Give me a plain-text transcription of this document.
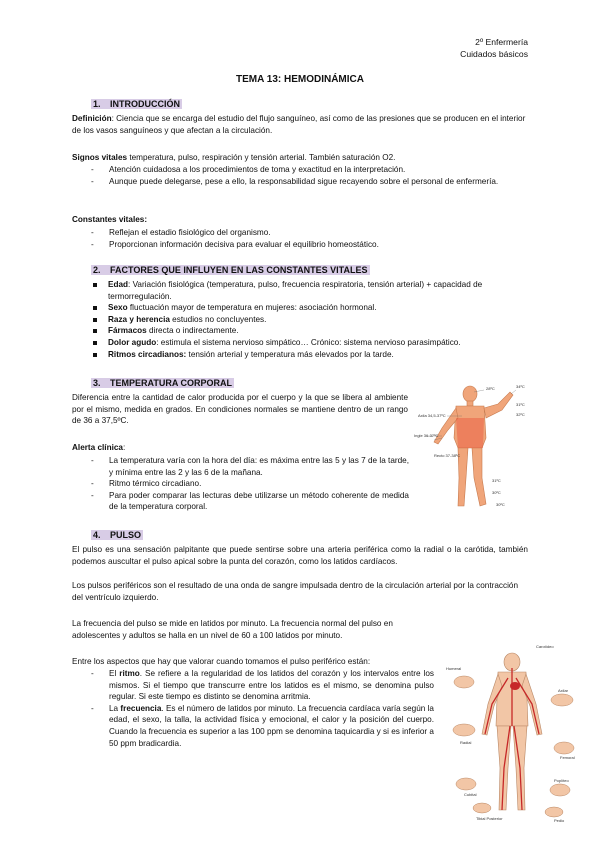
2º Enfermería
Cuidados básicos
TEMA 13: HEMODINÁMICA
1. INTRODUCCIÓN

Definición: Ciencia que se encarga del estudio del flujo sanguíneo, así como de las presiones que se producen en el interior de los vasos sanguíneos y que afectan a la circulación.

Signos vitales temperatura, pulso, respiración y tensión arterial. También saturación O2.

- Atención cuidadosa a los procedimientos de toma y exactitud en la interpretación.
- Aunque puede delegarse, pese a ello, la responsabilidad sigue recayendo sobre el personal de enfermería.

Constantes vitales:

- Reflejan el estadio fisiológico del organismo.
- Proporcionan información decisiva para evaluar el equilibrio homeostático.
2. FACTORES QUE INFLUYEN EN LAS CONSTANTES VITALES
Edad: Variación fisiológica (temperatura, pulso, frecuencia respiratoria, tensión arterial) + capacidad de termorregulación.
Sexo fluctuación mayor de temperatura en mujeres: asociación hormonal.
Raza y herencia estudios no concluyentes.
Fármacos directa o indirectamente.
Dolor agudo: estimula el sistema nervioso simpático… Crónico: sistema nervioso parasimpático.
Ritmos circadianos: tensión arterial y temperatura más elevados por la tarde.
3. TEMPERATURA CORPORAL

Diferencia entre la cantidad de calor producida por el cuerpo y la que se libera al ambiente por el mismo, medida en grados. En condiciones normales se mantiene dentro de un rango de 36 a 37,5ºC.

Alerta clínica:

- La temperatura varía con la hora del día: es máxima entre las 5 y las 7 de la tarde, y mínima entre las 2 y las 6 de la mañana.
- Ritmo térmico circadiano.
- Para poder comparar las lecturas debe utilizarse un método coherente de medida de la temperatura corporal.
28ºC	34ºC
31ºC
Axila 34,5-37ºC	32ºC
Ingle 36-37ºC
Recto 37-38ºC
31ºC
30ºC
30ºC
4. PULSO

El pulso es una sensación palpitante que puede sentirse sobre una arteria periférica como la radial o la carótida, también podemos auscultar el pulso apical sobre la punta del corazón, como los latidos cardíacos.

Los pulsos periféricos son el resultado de una onda de sangre impulsada dentro de la circulación arterial por la contracción del ventrículo izquierdo.

La frecuencia del pulso se mide en latidos por minuto. La frecuencia normal del pulso en adolescentes y adultos se halla en un nivel de 60 a 100 latidos por minuto.

Entre los aspectos que hay que valorar cuando tomamos el pulso periférico están:

- El ritmo. Se refiere a la regularidad de los latidos del corazón y los intervalos entre los mismos. Si el tiempo que transcurre entre los latidos es el mismo, se denomina pulso regular. Si este tiempo es distinto se denomina arritmia.
- La frecuencia. Es el número de latidos por minuto. La frecuencia cardíaca varía según la edad, el sexo, la talla, la actividad física y emocional, el calor y la posición del cuerpo. Cuando la frecuencia es superior a las 100 ppm se denomina taquicardia y si es inferior a 50 ppm bradicardia.
Carotídeo
Humeral
Axilar
Radial
Femoral
Cubital
Poplíteo
Tibial Posterior	Pedio
